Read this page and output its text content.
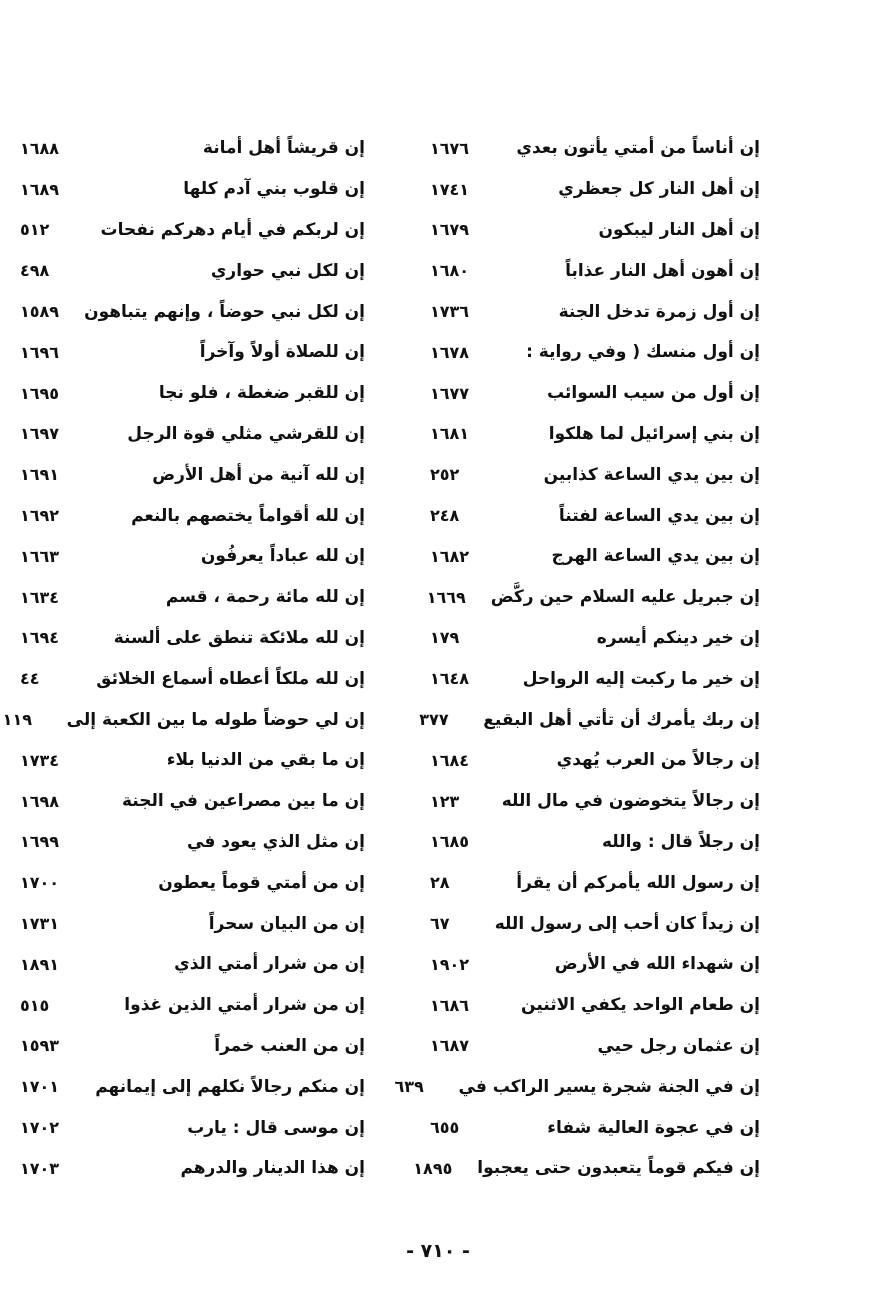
إن أناساً من أمتي يأتون بعدي
١٦٧٦
إن أهل النار كل جعظري
١٧٤١
إن أهل النار ليبكون
١٦٧٩
إن أهون أهل النار عذاباً
١٦٨٠
إن أول زمرة تدخل الجنة
١٧٣٦
إن أول منسك ( وفي رواية :
١٦٧٨
إن أول من سيب السوائب
١٦٧٧
إن بني إسرائيل لما هلكوا
١٦٨١
إن بين يدي الساعة كذابين
٢٥٢
إن بين يدي الساعة لفتناً
٢٤٨
إن بين يدي الساعة الهرج
١٦٨٢
إن جبريل عليه السلام حين ركَّض
١٦٦٩
إن خير دينكم أيسره
١٧٩
إن خير ما ركبت إليه الرواحل
١٦٤٨
إن ربك يأمرك أن تأتي أهل البقيع
٣٧٧
إن رجالاً من العرب يُهدي
١٦٨٤
إن رجالاً يتخوضون في مال الله
١٢٣
إن رجلاً قال : والله
١٦٨٥
إن رسول الله يأمركم أن يقرأ
٢٨
إن زيداً كان أحب إلى رسول الله
٦٧
إن شهداء الله في الأرض
١٩٠٢
إن طعام الواحد يكفي الاثنين
١٦٨٦
إن عثمان رجل حيي
١٦٨٧
إن في الجنة شجرة يسير الراكب في
٦٣٩
إن في عجوة العالية شفاء
٦٥٥
إن فيكم قوماً يتعبدون حتى يعجبوا
١٨٩٥
إن قريشاً أهل أمانة
١٦٨٨
إن قلوب بني آدم كلها
١٦٨٩
إن لربكم في أيام دهركم نفحات
٥١٢
إن لكل نبي حواري
٤٩٨
إن لكل نبي حوضاً ، وإنهم يتباهون
١٥٨٩
إن للصلاة أولاً وآخراً
١٦٩٦
إن للقبر ضغطة ، فلو نجا
١٦٩٥
إن للقرشي مثلي قوة الرجل
١٦٩٧
إن لله آنية من أهل الأرض
١٦٩١
إن لله أقواماً يختصهم بالنعم
١٦٩٢
إن لله عباداً يعرفُون
١٦٦٣
إن لله مائة رحمة ، قسم
١٦٣٤
إن لله ملائكة تنطق على ألسنة
١٦٩٤
إن لله ملكاً أعطاه أسماع الخلائق
٤٤
إن لي حوضاً طوله ما بين الكعبة إلى
١١٩
إن ما بقي من الدنيا بلاء
١٧٣٤
إن ما بين مصراعين في الجنة
١٦٩٨
إن مثل الذي يعود في
١٦٩٩
إن من أمتي قوماً يعطون
١٧٠٠
إن من البيان سحراً
١٧٣١
إن من شرار أمتي الذي
١٨٩١
إن من شرار أمتي الذين غذوا
٥١٥
إن من العنب خمراً
١٥٩٣
إن منكم رجالاً نكلهم إلى إيمانهم
١٧٠١
إن موسى قال : يارب
١٧٠٢
إن هذا الدينار والدرهم
١٧٠٣
- ٧١٠ -
